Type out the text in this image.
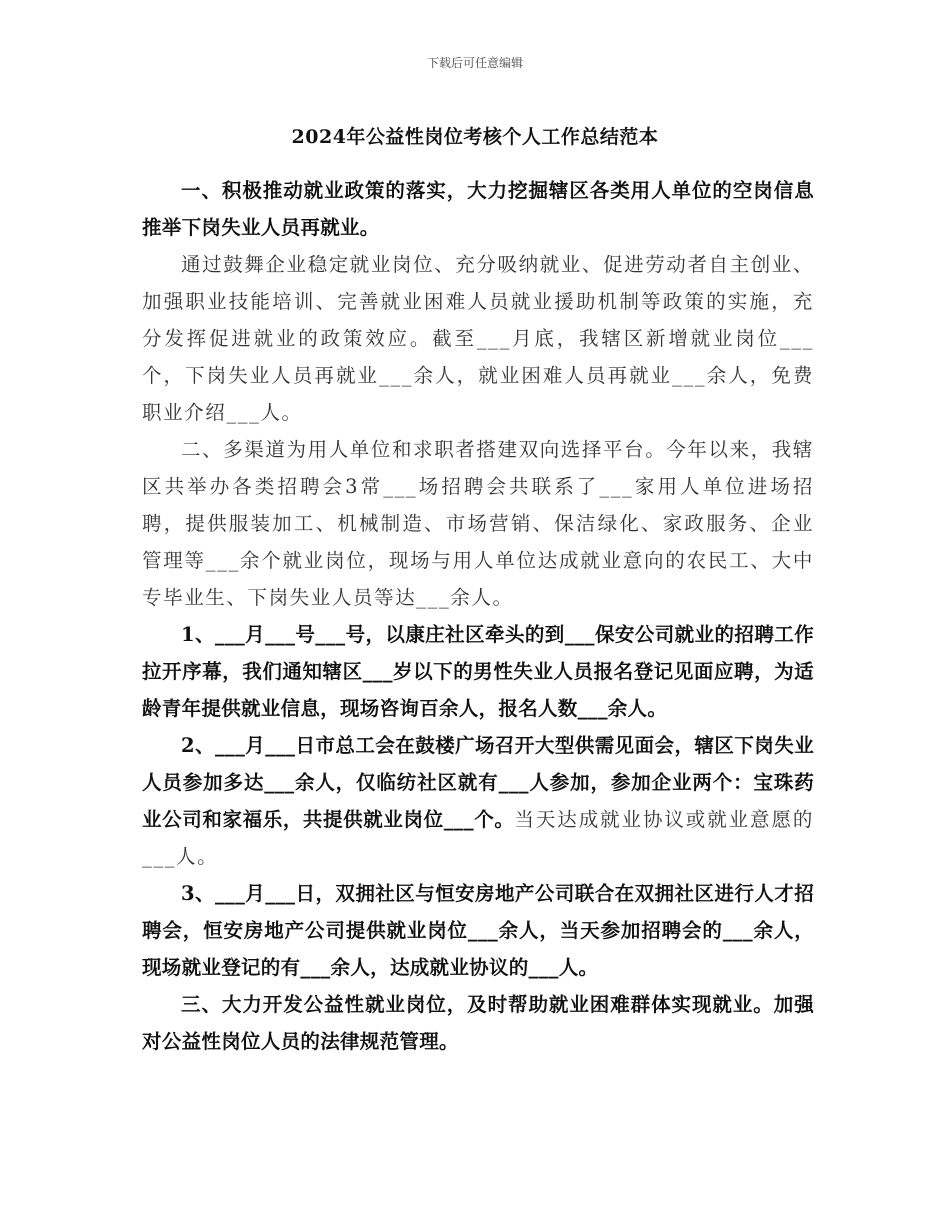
下载后可任意编辑
2024年公益性岗位考核个人工作总结范本

一、积极推动就业政策的落实，大力挖掘辖区各类用人单位的空岗信息推举下岗失业人员再就业。

通过鼓舞企业稳定就业岗位、充分吸纳就业、促进劳动者自主创业、加强职业技能培训、完善就业困难人员就业援助机制等政策的实施，充分发挥促进就业的政策效应。截至___月底，我辖区新增就业岗位___个，下岗失业人员再就业___余人，就业困难人员再就业___余人，免费职业介绍___人。

二、多渠道为用人单位和求职者搭建双向选择平台。今年以来，我辖区共举办各类招聘会3常___场招聘会共联系了___家用人单位进场招聘，提供服装加工、机械制造、市场营销、保洁绿化、家政服务、企业管理等___余个就业岗位，现场与用人单位达成就业意向的农民工、大中专毕业生、下岗失业人员等达___余人。

1、___月___号___号，以康庄社区牵头的到___保安公司就业的招聘工作拉开序幕，我们通知辖区___岁以下的男性失业人员报名登记见面应聘，为适龄青年提供就业信息，现场咨询百余人，报名人数___余人。

2、___月___日市总工会在鼓楼广场召开大型供需见面会，辖区下岗失业人员参加多达___余人，仅临纺社区就有___人参加，参加企业两个：宝珠药业公司和家福乐，共提供就业岗位___个。当天达成就业协议或就业意愿的___人。

3、___月___日，双拥社区与恒安房地产公司联合在双拥社区进行人才招聘会，恒安房地产公司提供就业岗位___余人，当天参加招聘会的___余人，现场就业登记的有___余人，达成就业协议的___人。

三、大力开发公益性就业岗位，及时帮助就业困难群体实现就业。加强对公益性岗位人员的法律规范管理。
